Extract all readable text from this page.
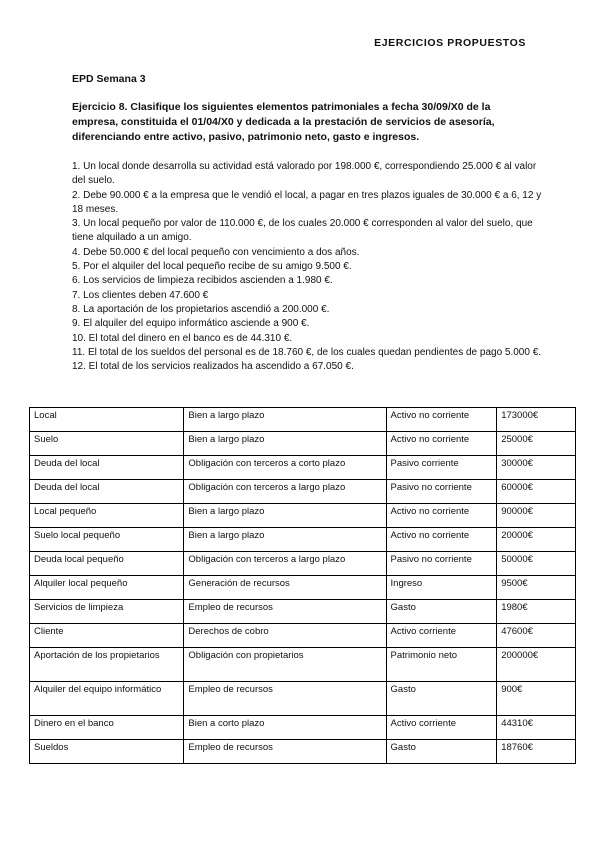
EJERCICIOS PROPUESTOS
EPD Semana 3
Ejercicio 8. Clasifique los siguientes elementos patrimoniales a fecha 30/09/X0 de la empresa, constituida el 01/04/X0 y dedicada a la prestación de servicios de asesoría, diferenciando entre activo, pasivo, patrimonio neto, gasto e ingresos.
1. Un local donde desarrolla su actividad está valorado por 198.000 €, correspondiendo 25.000 € al valor del suelo.
2. Debe 90.000 € a la empresa que le vendió el local, a pagar en tres plazos iguales de 30.000 € a 6, 12 y 18 meses.
3. Un local pequeño por valor de 110.000 €, de los cuales 20.000 € corresponden al valor del suelo, que tiene alquilado a un amigo.
4. Debe 50.000 € del local pequeño con vencimiento a dos años.
5. Por el alquiler del local pequeño recibe de su amigo 9.500 €.
6. Los servicios de limpieza recibidos ascienden a 1.980 €.
7. Los clientes deben 47.600 €
8. La aportación de los propietarios ascendió a 200.000 €.
9. El alquiler del equipo informático asciende a 900 €.
10. El total del dinero en el banco es de 44.310 €.
11. El total de los sueldos del personal es de 18.760 €, de los cuales quedan pendientes de pago 5.000 €.
12. El total de los servicios realizados ha ascendido a 67.050 €.
Local	Bien a largo plazo	Activo no corriente	173000€
Suelo	Bien a largo plazo	Activo no corriente	25000€
Deuda del local	Obligación con terceros a corto plazo	Pasivo corriente	30000€
Deuda del local	Obligación con terceros a largo plazo	Pasivo no corriente	60000€
Local pequeño	Bien a largo plazo	Activo no corriente	90000€
Suelo local pequeño	Bien a largo plazo	Activo no corriente	20000€
Deuda local pequeño	Obligación con terceros a largo plazo	Pasivo no corriente	50000€
Alquiler local pequeño	Generación de recursos	Ingreso	9500€
Servicios de limpieza	Empleo de recursos	Gasto	1980€
Cliente	Derechos de cobro	Activo corriente	47600€
Aportación de los propietarios	Obligación con propietarios	Patrimonio neto	200000€
Alquiler del equipo informático	Empleo de recursos	Gasto	900€
Dinero en el banco	Bien a corto plazo	Activo corriente	44310€
Sueldos	Empleo de recursos	Gasto	18760€
